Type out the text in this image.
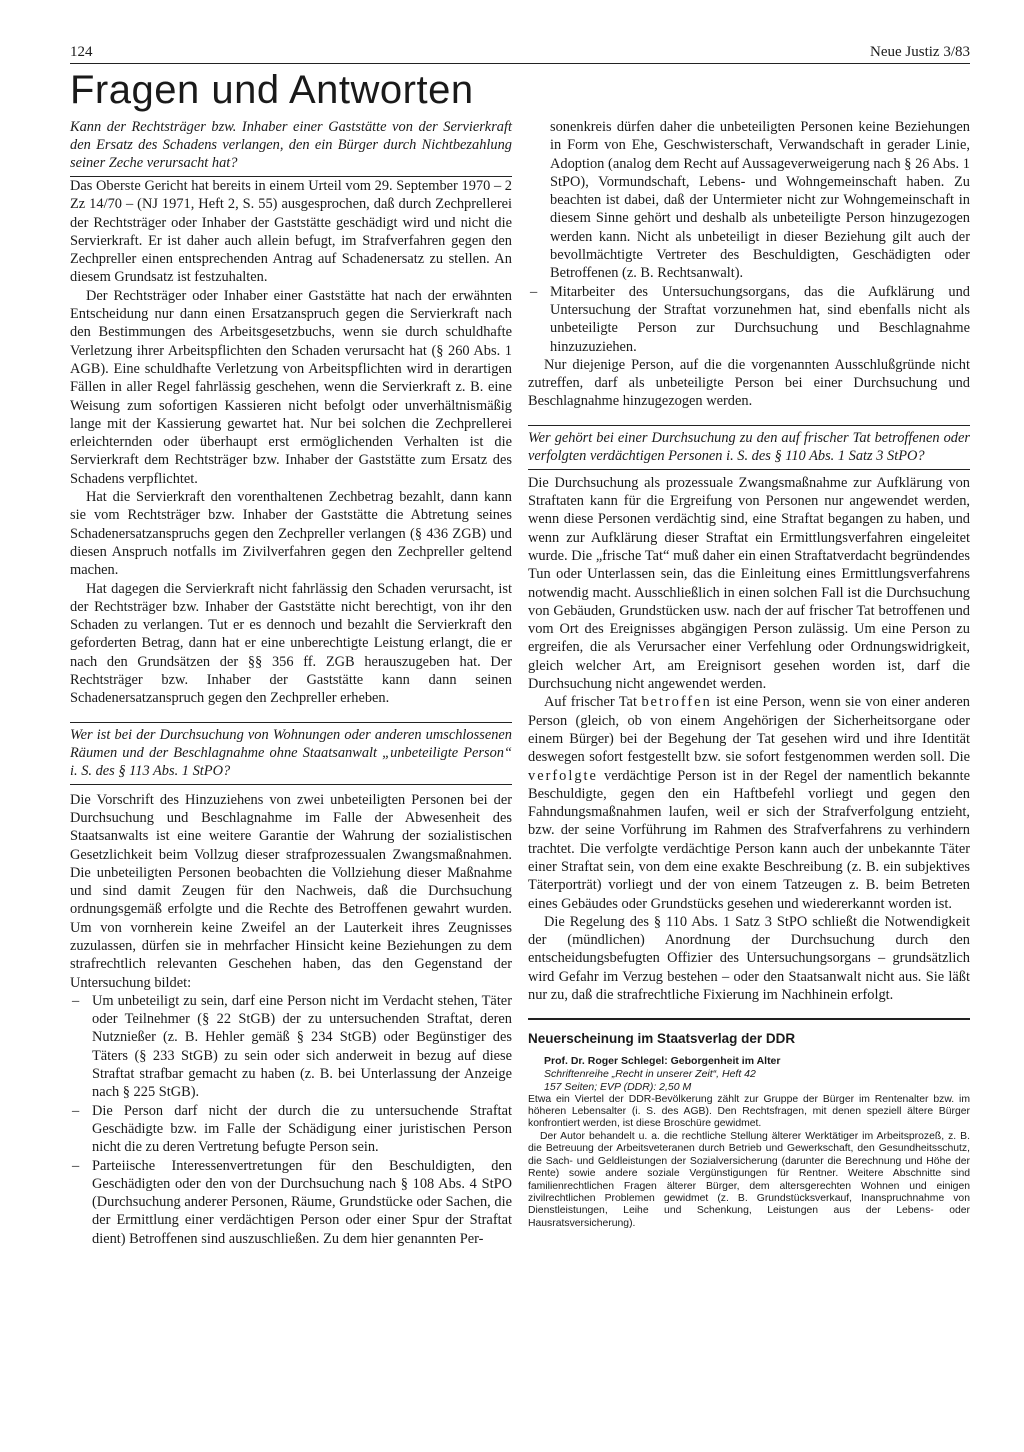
124	Neue Justiz 3/83
Fragen und Antworten

Kann der Rechtsträger bzw. Inhaber einer Gaststätte von der Servierkraft den Ersatz des Schadens verlangen, den ein Bürger durch Nichtbezahlung seiner Zeche verursacht hat?

Das Oberste Gericht hat bereits in einem Urteil vom 29. September 1970 – 2 Zz 14/70 – (NJ 1971, Heft 2, S. 55) ausgesprochen, daß durch Zechprellerei der Rechtsträger oder Inhaber der Gaststätte geschädigt wird und nicht die Servierkraft. Er ist daher auch allein befugt, im Strafverfahren gegen den Zechpreller einen entsprechenden Antrag auf Schadenersatz zu stellen. An diesem Grundsatz ist festzuhalten.

Der Rechtsträger oder Inhaber einer Gaststätte hat nach der erwähnten Entscheidung nur dann einen Ersatzanspruch gegen die Servierkraft nach den Bestimmungen des Arbeitsgesetzbuchs, wenn sie durch schuldhafte Verletzung ihrer Arbeitspflichten den Schaden verursacht hat (§ 260 Abs. 1 AGB). Eine schuldhafte Verletzung von Arbeitspflichten wird in derartigen Fällen in aller Regel fahrlässig geschehen, wenn die Servierkraft z. B. eine Weisung zum sofortigen Kassieren nicht befolgt oder unverhältnismäßig lange mit der Kassierung gewartet hat. Nur bei solchen die Zechprellerei erleichternden oder überhaupt erst ermöglichenden Verhalten ist die Servierkraft dem Rechtsträger bzw. Inhaber der Gaststätte zum Ersatz des Schadens verpflichtet.

Hat die Servierkraft den vorenthaltenen Zechbetrag bezahlt, dann kann sie vom Rechtsträger bzw. Inhaber der Gaststätte die Abtretung seines Schadenersatzanspruchs gegen den Zechpreller verlangen (§ 436 ZGB) und diesen Anspruch notfalls im Zivilverfahren gegen den Zechpreller geltend machen.

Hat dagegen die Servierkraft nicht fahrlässig den Schaden verursacht, ist der Rechtsträger bzw. Inhaber der Gaststätte nicht berechtigt, von ihr den Schaden zu verlangen. Tut er es dennoch und bezahlt die Servierkraft den geforderten Betrag, dann hat er eine unberechtigte Leistung erlangt, die er nach den Grundsätzen der §§ 356 ff. ZGB herauszugeben hat. Der Rechtsträger bzw. Inhaber der Gaststätte kann dann seinen Schadenersatzanspruch gegen den Zechpreller erheben.

Wer ist bei der Durchsuchung von Wohnungen oder anderen umschlossenen Räumen und der Beschlagnahme ohne Staatsanwalt „unbeteiligte Person“ i. S. des § 113 Abs. 1 StPO?

Die Vorschrift des Hinzuziehens von zwei unbeteiligten Personen bei der Durchsuchung und Beschlagnahme im Falle der Abwesenheit des Staatsanwalts ist eine weitere Garantie der Wahrung der sozialistischen Gesetzlichkeit beim Vollzug dieser strafprozessualen Zwangsmaßnahmen. Die unbeteiligten Personen beobachten die Vollziehung dieser Maßnahme und sind damit Zeugen für den Nachweis, daß die Durchsuchung ordnungsgemäß erfolgte und die Rechte des Betroffenen gewahrt wurden. Um von vornherein keine Zweifel an der Lauterkeit ihres Zeugnisses zuzulassen, dürfen sie in mehrfacher Hinsicht keine Beziehungen zu dem strafrechtlich relevanten Geschehen haben, das den Gegenstand der Untersuchung bildet:

– Um unbeteiligt zu sein, darf eine Person nicht im Verdacht stehen, Täter oder Teilnehmer (§ 22 StGB) der zu untersuchenden Straftat, deren Nutznießer (z. B. Hehler gemäß § 234 StGB) oder Begünstiger des Täters (§ 233 StGB) zu sein oder sich anderweit in bezug auf diese Straftat strafbar gemacht zu haben (z. B. bei Unterlassung der Anzeige nach § 225 StGB).
– Die Person darf nicht der durch die zu untersuchende Straftat Geschädigte bzw. im Falle der Schädigung einer juristischen Person nicht die zu deren Vertretung befugte Person sein.
– Parteiische Interessenvertretungen für den Beschuldigten, den Geschädigten oder den von der Durchsuchung nach § 108 Abs. 4 StPO (Durchsuchung anderer Personen, Räume, Grundstücke oder Sachen, die der Ermittlung einer verdächtigen Person oder einer Spur der Straftat dient) Betroffenen sind auszuschließen. Zu dem hier genannten Per-
sonenkreis dürfen daher die unbeteiligten Personen keine Beziehungen in Form von Ehe, Geschwisterschaft, Verwandschaft in gerader Linie, Adoption (analog dem Recht auf Aussageverweigerung nach § 26 Abs. 1 StPO), Vormundschaft, Lebens- und Wohngemeinschaft haben. Zu beachten ist dabei, daß der Untermieter nicht zur Wohngemeinschaft in diesem Sinne gehört und deshalb als unbeteiligte Person hinzugezogen werden kann. Nicht als unbeteiligt in dieser Beziehung gilt auch der bevollmächtigte Vertreter des Beschuldigten, Geschädigten oder Betroffenen (z. B. Rechtsanwalt).
– Mitarbeiter des Untersuchungsorgans, das die Aufklärung und Untersuchung der Straftat vorzunehmen hat, sind ebenfalls nicht als unbeteiligte Person zur Durchsuchung und Beschlagnahme hinzuzuziehen.

Nur diejenige Person, auf die die vorgenannten Ausschlußgründe nicht zutreffen, darf als unbeteiligte Person bei einer Durchsuchung und Beschlagnahme hinzugezogen werden.

Wer gehört bei einer Durchsuchung zu den auf frischer Tat betroffenen oder verfolgten verdächtigen Personen i. S. des § 110 Abs. 1 Satz 3 StPO?

Die Durchsuchung als prozessuale Zwangsmaßnahme zur Aufklärung von Straftaten kann für die Ergreifung von Personen nur angewendet werden, wenn diese Personen verdächtig sind, eine Straftat begangen zu haben, und wenn zur Aufklärung dieser Straftat ein Ermittlungsverfahren eingeleitet wurde. Die „frische Tat“ muß daher ein einen Straftatverdacht begründendes Tun oder Unterlassen sein, das die Einleitung eines Ermittlungsverfahrens notwendig macht. Ausschließlich in einen solchen Fall ist die Durchsuchung von Gebäuden, Grundstücken usw. nach der auf frischer Tat betroffenen und vom Ort des Ereignisses abgängigen Person zulässig. Um eine Person zu ergreifen, die als Verursacher einer Verfehlung oder Ordnungswidrigkeit, gleich welcher Art, am Ereignisort gesehen worden ist, darf die Durchsuchung nicht angewendet werden.

Auf frischer Tat betroffen ist eine Person, wenn sie von einer anderen Person (gleich, ob von einem Angehörigen der Sicherheitsorgane oder einem Bürger) bei der Begehung der Tat gesehen wird und ihre Identität deswegen sofort festgestellt bzw. sie sofort festgenommen werden soll. Die verfolgte verdächtige Person ist in der Regel der namentlich bekannte Beschuldigte, gegen den ein Haftbefehl vorliegt und gegen den Fahndungsmaßnahmen laufen, weil er sich der Strafverfolgung entzieht, bzw. der seine Vorführung im Rahmen des Strafverfahrens zu verhindern trachtet. Die verfolgte verdächtige Person kann auch der unbekannte Täter einer Straftat sein, von dem eine exakte Beschreibung (z. B. ein subjektives Täterporträt) vorliegt und der von einem Tatzeugen z. B. beim Betreten eines Gebäudes oder Grundstücks gesehen und wiedererkannt worden ist.

Die Regelung des § 110 Abs. 1 Satz 3 StPO schließt die Notwendigkeit der (mündlichen) Anordnung der Durchsuchung durch den entscheidungsbefugten Offizier des Untersuchungsorgans – grundsätzlich wird Gefahr im Verzug bestehen – oder den Staatsanwalt nicht aus. Sie läßt nur zu, daß die strafrechtliche Fixierung im Nachhinein erfolgt.

Neuerscheinung im Staatsverlag der DDR

Prof. Dr. Roger Schlegel: Geborgenheit im Alter

Schriftenreihe „Recht in unserer Zeit“, Heft 42

157 Seiten; EVP (DDR): 2,50 M

Etwa ein Viertel der DDR-Bevölkerung zählt zur Gruppe der Bürger im Rentenalter bzw. im höheren Lebensalter (i. S. des AGB). Den Rechtsfragen, mit denen speziell ältere Bürger konfrontiert werden, ist diese Broschüre gewidmet.

Der Autor behandelt u. a. die rechtliche Stellung älterer Werktätiger im Arbeitsprozeß, z. B. die Betreuung der Arbeitsveteranen durch Betrieb und Gewerkschaft, den Gesundheitsschutz, die Sach- und Geldleistungen der Sozialversicherung (darunter die Berechnung und Höhe der Rente) sowie andere soziale Vergünstigungen für Rentner. Weitere Abschnitte sind familienrechtlichen Fragen älterer Bürger, dem altersgerechten Wohnen und einigen zivilrechtlichen Problemen gewidmet (z. B. Grundstücksverkauf, Inanspruchnahme von Dienstleistungen, Leihe und Schenkung, Leistungen aus der Lebens- oder Hausratsversicherung).
